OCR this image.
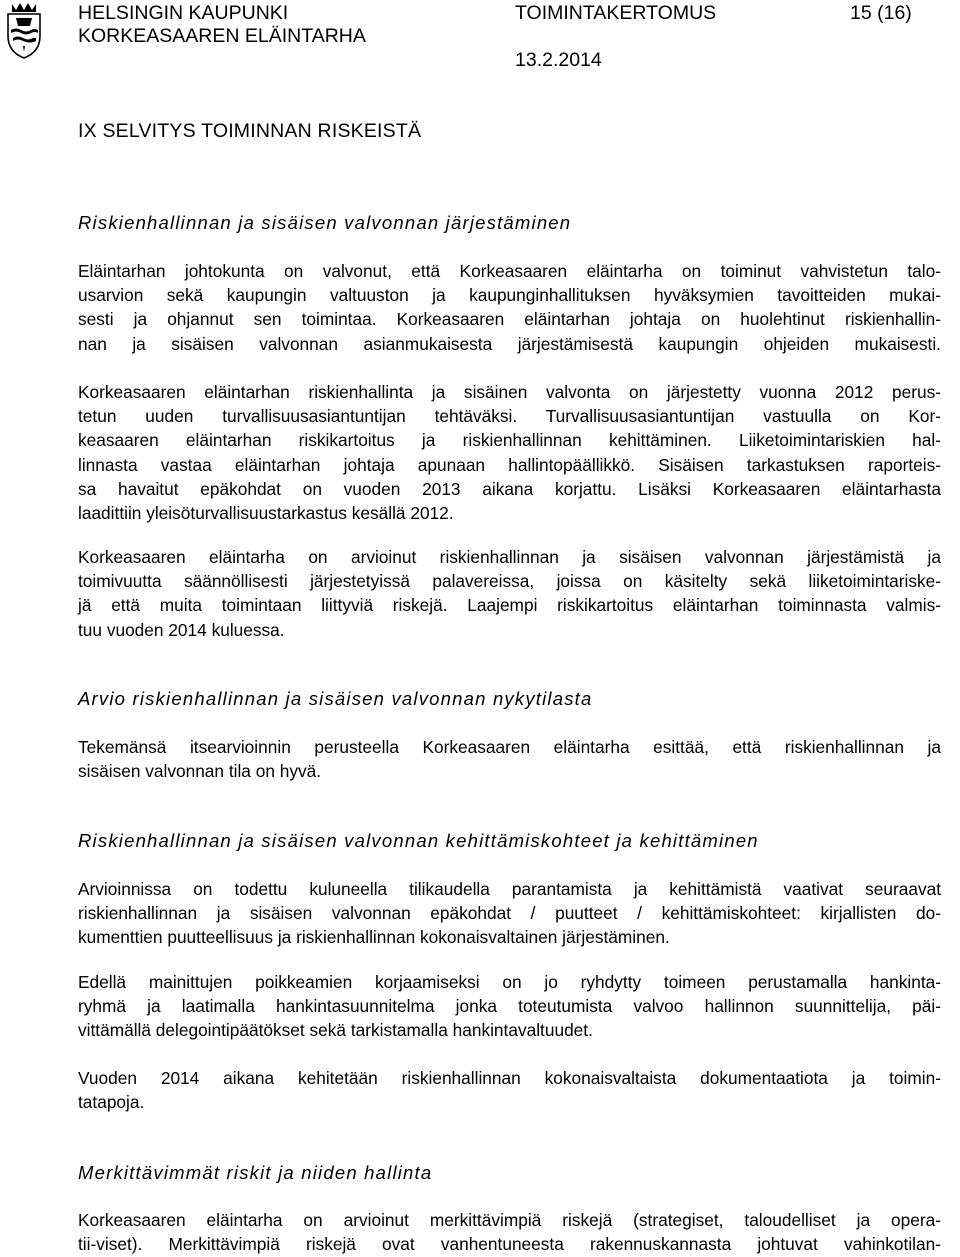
HELSINGIN KAUPUNKI
KORKEASAAREN ELÄINTARHA
TOIMINTAKERTOMUS	15 (16)
13.2.2014
IX SELVITYS TOIMINNAN RISKEISTÄ
Riskienhallinnan ja sisäisen valvonnan järjestäminen
Eläintarhan johtokunta on valvonut, että Korkeasaaren eläintarha on toiminut vahvistetun talo-
usarvion sekä kaupungin valtuuston ja kaupunginhallituksen hyväksymien tavoitteiden mukai-
sesti ja ohjannut sen toimintaa. Korkeasaaren eläintarhan johtaja on huolehtinut riskienhallin-
nan ja sisäisen valvonnan asianmukaisesta järjestämisestä kaupungin ohjeiden mukaisesti.
Korkeasaaren eläintarhan riskienhallinta ja sisäinen valvonta on järjestetty vuonna 2012 perus-
tetun uuden turvallisuusasiantuntijan tehtäväksi. Turvallisuusasiantuntijan vastuulla on Kor-
keasaaren eläintarhan riskikartoitus ja riskienhallinnan kehittäminen. Liiketoimintariskien hal-
linnasta vastaa eläintarhan johtaja apunaan hallintopäällikkö. Sisäisen tarkastuksen raporteis-
sa havaitut epäkohdat on vuoden 2013 aikana korjattu. Lisäksi Korkeasaaren eläintarhasta
laadittiin yleisöturvallisuustarkastus kesällä 2012.
Korkeasaaren eläintarha on arvioinut riskienhallinnan ja sisäisen valvonnan järjestämistä ja
toimivuutta säännöllisesti järjestetyissä palavereissa, joissa on käsitelty sekä liiketoimintariske-
jä että muita toimintaan liittyviä riskejä. Laajempi riskikartoitus eläintarhan toiminnasta valmis-
tuu vuoden 2014 kuluessa.
Arvio riskienhallinnan ja sisäisen valvonnan nykytilasta
Tekemänsä itsearvioinnin perusteella Korkeasaaren eläintarha esittää, että riskienhallinnan ja
sisäisen valvonnan tila on hyvä.
Riskienhallinnan ja sisäisen valvonnan kehittämiskohteet ja kehittäminen
Arvioinnissa on todettu kuluneella tilikaudella parantamista ja kehittämistä vaativat seuraavat
riskienhallinnan ja sisäisen valvonnan epäkohdat / puutteet / kehittämiskohteet: kirjallisten do-
kumenttien puutteellisuus ja riskienhallinnan kokonaisvaltainen järjestäminen.
Edellä mainittujen poikkeamien korjaamiseksi on jo ryhdytty toimeen perustamalla hankinta-
ryhmä ja laatimalla hankintasuunnitelma jonka toteutumista valvoo hallinnon suunnittelija, päi-
vittämällä delegointipäätökset sekä tarkistamalla hankintavaltuudet.
Vuoden 2014 aikana kehitetään riskienhallinnan kokonaisvaltaista dokumentaatiota ja toimin-
tatapoja.
Merkittävimmät riskit ja niiden hallinta
Korkeasaaren eläintarha on arvioinut merkittävimpiä riskejä (strategiset, taloudelliset ja opera-
tii-viset). Merkittävimpiä riskejä ovat vanhentuneesta rakennuskannasta johtuvat vahinkotilan-
